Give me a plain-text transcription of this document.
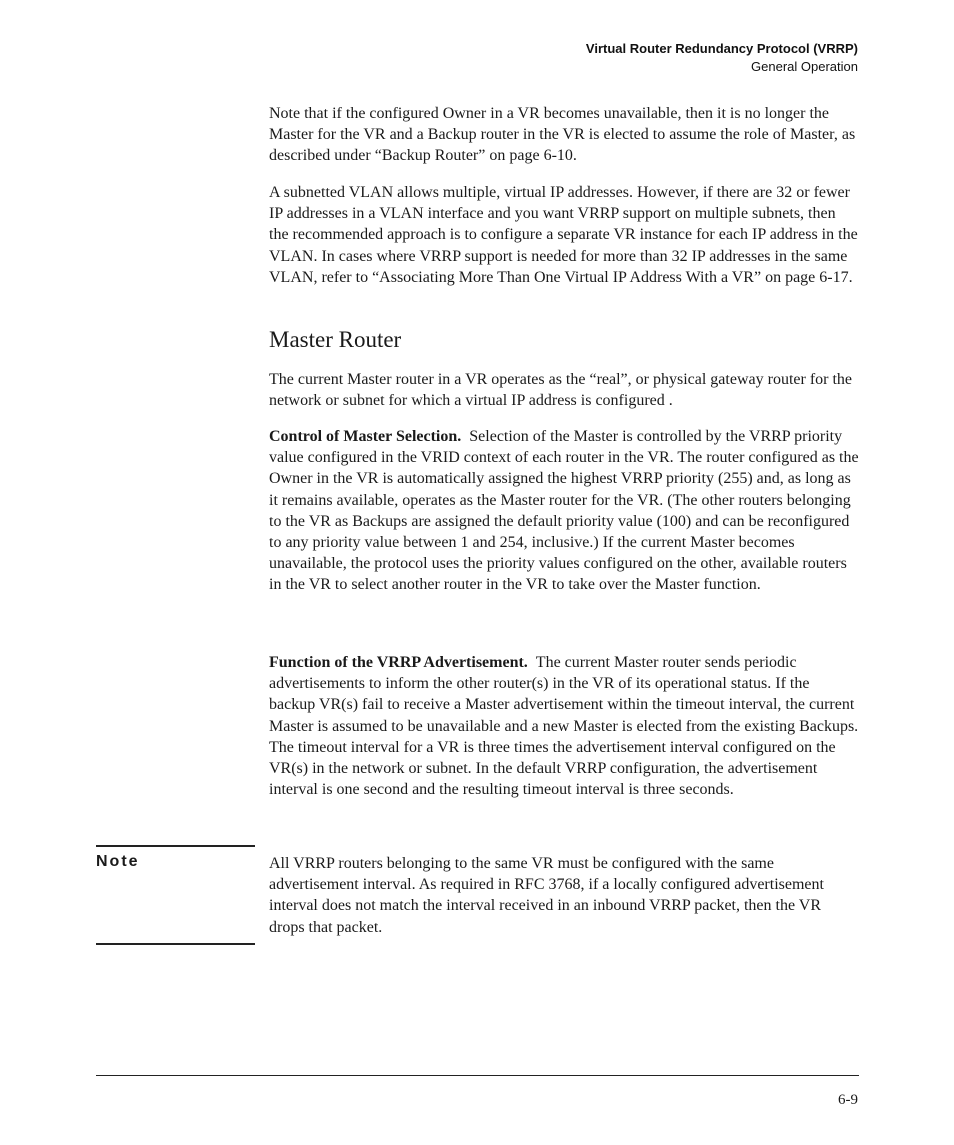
Virtual Router Redundancy Protocol (VRRP)
General Operation

Note that if the configured Owner in a VR becomes unavailable, then it is no longer the Master for the VR and a Backup router in the VR is elected to assume the role of Master, as described under “Backup Router” on page 6-10.

A subnetted VLAN allows multiple, virtual IP addresses. However, if there are 32 or fewer IP addresses in a VLAN interface and you want VRRP support on multiple subnets, then the recommended approach is to configure a separate VR instance for each IP address in the VLAN. In cases where VRRP support is needed for more than 32 IP addresses in the same VLAN, refer to “Associating More Than One Virtual IP Address With a VR” on page 6-17.

Master Router

The current Master router in a VR operates as the “real”, or physical gateway router for the network or subnet for which a virtual IP address is configured .

Control of Master Selection. Selection of the Master is controlled by the VRRP priority value configured in the VRID context of each router in the VR. The router configured as the Owner in the VR is automatically assigned the highest VRRP priority (255) and, as long as it remains available, operates as the Master router for the VR. (The other routers belonging to the VR as Backups are assigned the default priority value (100) and can be reconfigured to any priority value between 1 and 254, inclusive.) If the current Master becomes unavailable, the protocol uses the priority values configured on the other, available routers in the VR to select another router in the VR to take over the Master function.

Function of the VRRP Advertisement. The current Master router sends periodic advertisements to inform the other router(s) in the VR of its operational status. If the backup VR(s) fail to receive a Master advertisement within the timeout interval, the current Master is assumed to be unavailable and a new Master is elected from the existing Backups. The timeout interval for a VR is three times the advertisement interval configured on the VR(s) in the network or subnet. In the default VRRP configuration, the advertisement interval is one second and the resulting timeout interval is three seconds.

Note	All VRRP routers belonging to the same VR must be configured with the same advertisement interval. As required in RFC 3768, if a locally configured advertisement interval does not match the interval received in an inbound VRRP packet, then the VR drops that packet.

6-9
